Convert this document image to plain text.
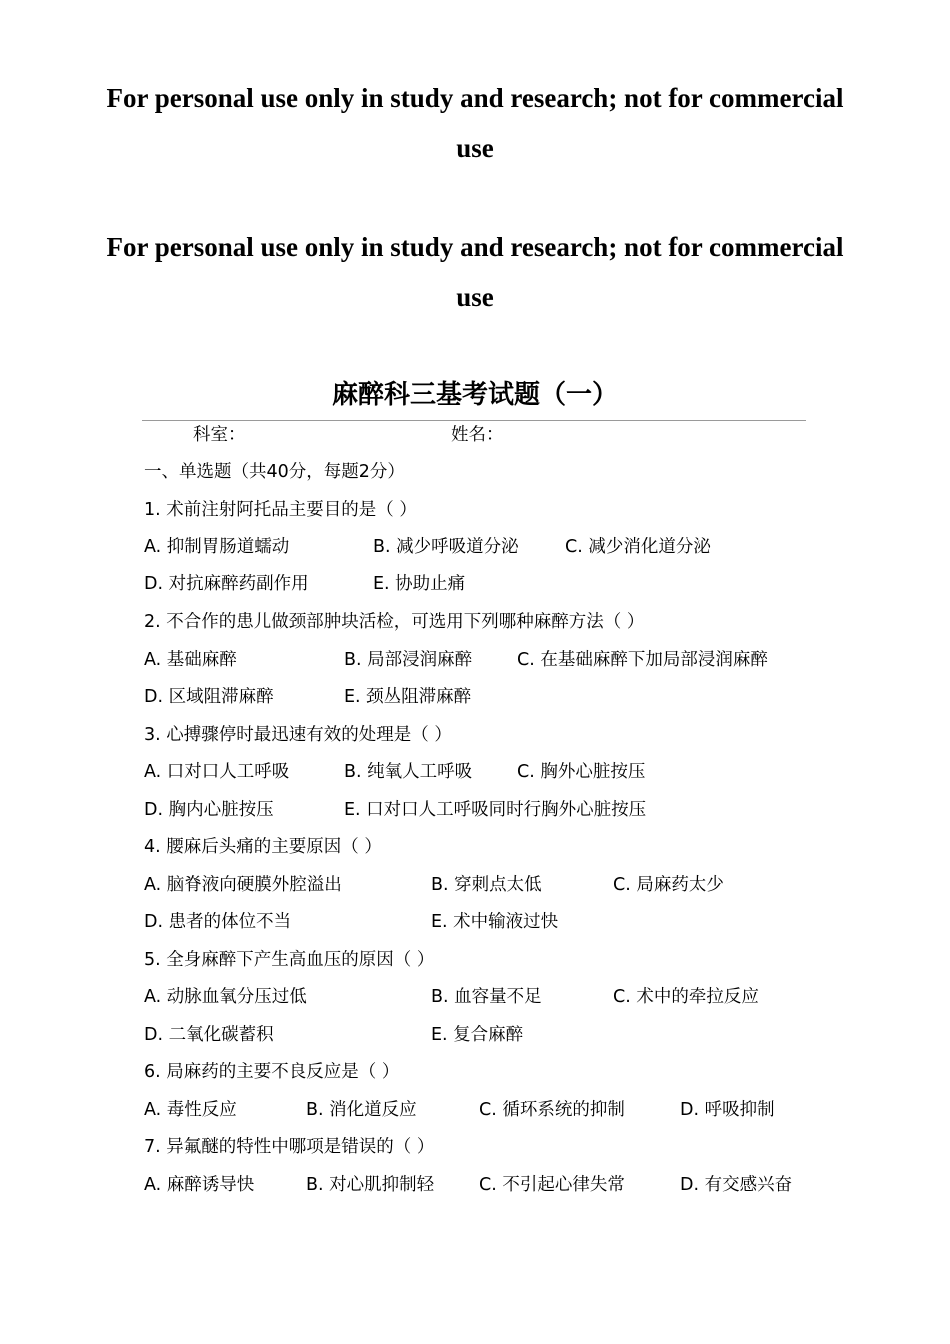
For personal use only in study and research; not for commercial use
For personal use only in study and research; not for commercial use
麻醉科三基考试题（一）
科室：	姓名：
一、单选题（共40分，每题2分）
1. 术前注射阿托品主要目的是（ ）
A. 抑制胃肠道蠕动	B. 减少呼吸道分泌	C. 减少消化道分泌
D. 对抗麻醉药副作用	E. 协助止痛
2. 不合作的患儿做颈部肿块活检，可选用下列哪种麻醉方法（ ）
A. 基础麻醉	B. 局部浸润麻醉	C. 在基础麻醉下加局部浸润麻醉
D. 区域阻滞麻醉	E. 颈丛阻滞麻醉
3. 心搏骤停时最迅速有效的处理是（ ）
A. 口对口人工呼吸	B. 纯氧人工呼吸	C. 胸外心脏按压
D. 胸内心脏按压	E. 口对口人工呼吸同时行胸外心脏按压
4. 腰麻后头痛的主要原因（ ）
A. 脑脊液向硬膜外腔溢出	B. 穿刺点太低	C. 局麻药太少
D. 患者的体位不当	E. 术中输液过快
5. 全身麻醉下产生高血压的原因（ ）
A. 动脉血氧分压过低	B. 血容量不足	C. 术中的牵拉反应
D. 二氧化碳蓄积	E. 复合麻醉
6. 局麻药的主要不良反应是（ ）
A. 毒性反应	B. 消化道反应	C. 循环系统的抑制	D. 呼吸抑制
7. 异氟醚的特性中哪项是错误的（ ）
A. 麻醉诱导快	B. 对心肌抑制轻	C. 不引起心律失常	D. 有交感兴奋
